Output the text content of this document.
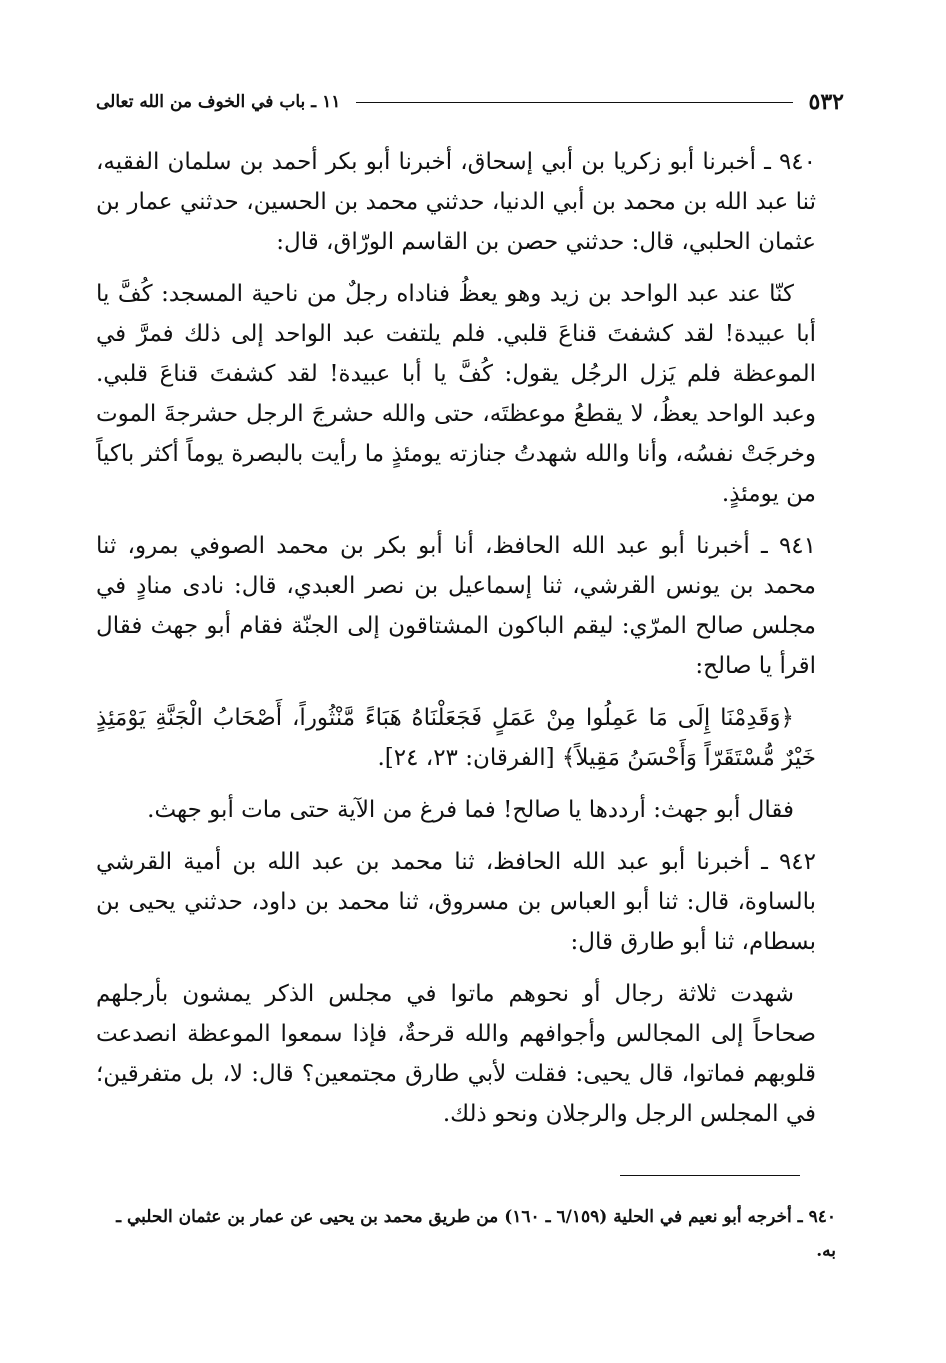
٥٣٢
١١ ـ باب في الخوف من الله تعالى

٩٤٠ ـ أخبرنا أبو زكريا بن أبي إسحاق، أخبرنا أبو بكر أحمد بن سلمان الفقيه، ثنا عبد الله بن محمد بن أبي الدنيا، حدثني محمد بن الحسين، حدثني عمار بن عثمان الحلبي، قال: حدثني حصن بن القاسم الورّاق، قال:

كنّا عند عبد الواحد بن زيد وهو يعظُ فناداه رجلٌ من ناحية المسجد: كُفَّ يا أبا عبيدة! لقد كشفتَ قناعَ قلبي. فلم يلتفت عبد الواحد إلى ذلك فمرَّ في الموعظة فلم يَزل الرجُل يقول: كُفَّ يا أبا عبيدة! لقد كشفتَ قناعَ قلبي. وعبد الواحد يعظُ، لا يقطعُ موعظتَه، حتى والله حشرجَ الرجل حشرجةَ الموت وخرجَتْ نفسُه، وأنا والله شهدتُ جنازته يومئذٍ ما رأيت بالبصرة يوماً أكثر باكياً من يومئذٍ.

٩٤١ ـ أخبرنا أبو عبد الله الحافظ، أنا أبو بكر بن محمد الصوفي بمرو، ثنا محمد بن يونس القرشي، ثنا إسماعيل بن نصر العبدي، قال: نادى منادٍ في مجلس صالح المرّي: ليقم الباكون المشتاقون إلى الجنّة فقام أبو جهث فقال اقرأ يا صالح:

﴿وَقَدِمْنَا إِلَى مَا عَمِلُوا مِنْ عَمَلٍ فَجَعَلْنَاهُ هَبَاءً مَّنْثُوراً، أَصْحَابُ الْجَنَّةِ يَوْمَئِذٍ خَيْرٌ مُّسْتَقَرّاً وَأَحْسَنُ مَقِيلاً﴾ [الفرقان: ٢٣، ٢٤].

فقال أبو جهث: أرددها يا صالح! فما فرغ من الآية حتى مات أبو جهث.

٩٤٢ ـ أخبرنا أبو عبد الله الحافظ، ثنا محمد بن عبد الله بن أمية القرشي بالساوة، قال: ثنا أبو العباس بن مسروق، ثنا محمد بن داود، حدثني يحيى بن بسطام، ثنا أبو طارق قال:

شهدت ثلاثة رجال أو نحوهم ماتوا في مجلس الذكر يمشون بأرجلهم صحاحاً إلى المجالس وأجوافهم والله قرحةٌ، فإذا سمعوا الموعظة انصدعت قلوبهم فماتوا، قال يحيى: فقلت لأبي طارق مجتمعين؟ قال: لا، بل متفرقين؛ في المجلس الرجل والرجلان ونحو ذلك.

٩٤٠ ـ أخرجه أبو نعيم في الحلية (٦/١٥٩ ـ ١٦٠) من طريق محمد بن يحيى عن عمار بن عثمان الحلبي ـ به.
